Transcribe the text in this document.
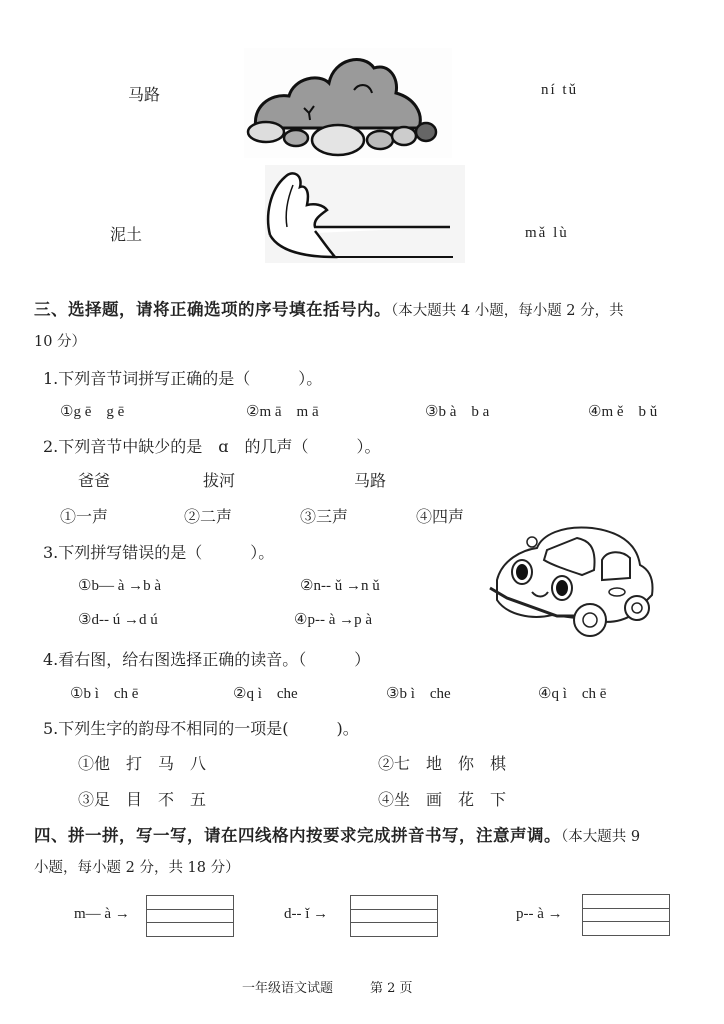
马路
泥土
ní tǔ
mǎ lù
三、选择题，请将正确选项的序号填在括号内。（本大题共 4 小题，每小题 2 分，共
10 分）
1.下列音节词拼写正确的是（　　　）。
①g ē　g ē	②m ā　m ā	③b à　b a	④m ě　b ǔ
2.下列音节中缺少的是　ɑ　的几声（　　　）。
爸爸	拔河	马路
①一声	②二声	③三声	④四声
3.下列拼写错误的是（　　　）。
①b— à →b à	②n-- ǔ →n ǔ
③d-- ú →d ú	④p-- à →p à
4.看右图，给右图选择正确的读音。（　　　）
①b ì　ch ē	②q ì　che	③b ì　che	④q ì　ch ē
5.下列生字的韵母不相同的一项是(　　　)。
①他　打　马　八	②七　地　你　棋
③足　目　不　五	④坐　画　花　下
四、拼一拼，写一写，请在四线格内按要求完成拼音书写，注意声调。（本大题共 9
小题，每小题 2 分，共 18 分）
m— à →	d-- ǐ →	p-- à →
一年级语文试题	第 2 页
